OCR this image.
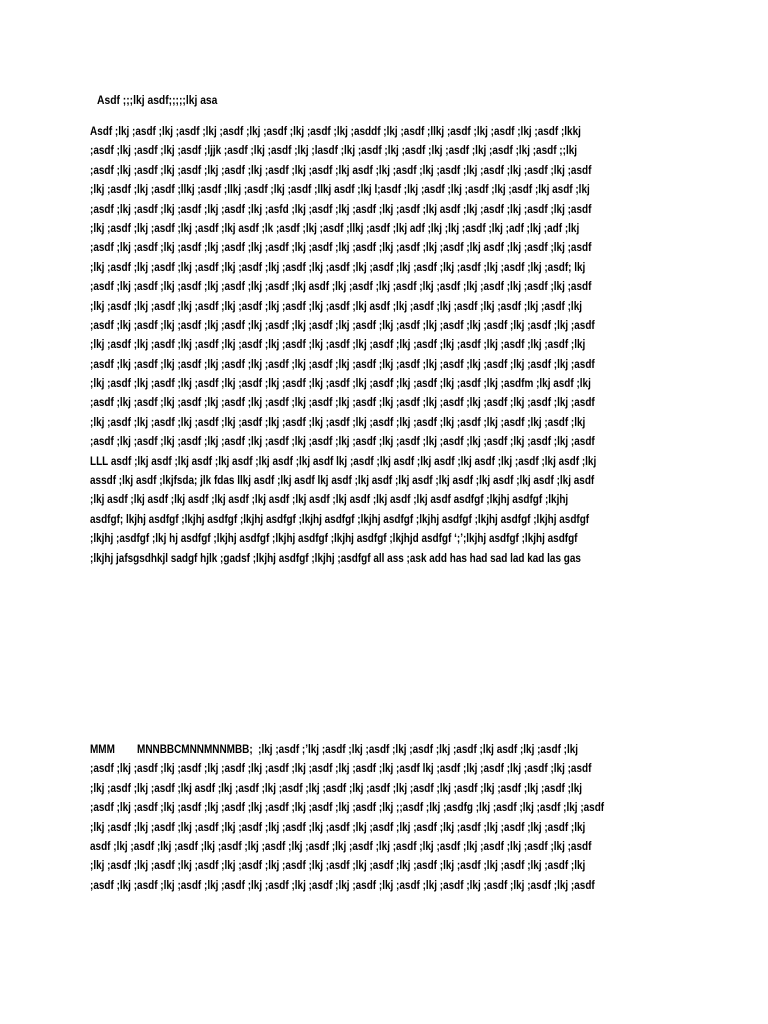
Asdf ;;;lkj asdf;;;;;lkj asa
Asdf ;lkj ;asdf ;lkj ;asdf ;lkj ;asdf ;lkj ;asdf ;lkj ;asdf ;lkj ;asddf ;lkj ;asdf ;llkj ;asdf ;lkj ;asdf ;lkj ;asdf ;lkkj
;asdf ;lkj ;asdf ;lkj ;asdf ;ljjk ;asdf ;lkj ;asdf ;lkj ;lasdf ;lkj ;asdf ;lkj ;asdf ;lkj ;asdf ;lkj ;asdf ;lkj ;asdf ;;lkj
;asdf ;lkj ;asdf ;lkj ;asdf ;lkj ;asdf ;lkj ;asdf ;lkj ;asdf ;lkj asdf ;lkj ;asdf ;lkj ;asdf ;lkj ;asdf ;lkj ;asdf ;lkj ;asdf
;lkj ;asdf ;lkj ;asdf ;llkj ;asdf ;llkj ;asdf ;lkj ;asdf ;llkj asdf ;lkj l;asdf ;lkj ;asdf ;lkj ;asdf ;lkj ;asdf ;lkj asdf ;lkj
;asdf ;lkj ;asdf ;lkj ;asdf ;lkj ;asdf ;lkj ;asfd ;lkj ;asdf ;lkj ;asdf ;lkj ;asdf ;lkj asdf ;lkj ;asdf ;lkj ;asdf ;lkj ;asdf
;lkj ;asdf ;lkj ;asdf ;lkj ;asdf ;lkj asdf ;lk ;asdf ;lkj ;asdf ;llkj ;asdf ;lkj adf ;lkj ;lkj ;asdf ;lkj ;adf ;lkj ;adf ;lkj
;asdf ;lkj ;asdf ;lkj ;asdf ;lkj ;asdf ;lkj ;asdf ;lkj ;asdf ;lkj ;asdf ;lkj ;asdf ;lkj ;asdf ;lkj asdf ;lkj ;asdf ;lkj ;asdf
;lkj ;asdf ;lkj ;asdf ;lkj ;asdf ;lkj ;asdf ;lkj ;asdf ;lkj ;asdf ;lkj ;asdf ;lkj ;asdf ;lkj ;asdf ;lkj ;asdf ;lkj ;asdf; lkj
;asdf ;lkj ;asdf ;lkj ;asdf ;lkj ;asdf ;lkj ;asdf ;lkj asdf ;lkj ;asdf ;lkj ;asdf ;lkj ;asdf ;lkj ;asdf ;lkj ;asdf ;lkj ;asdf
;lkj ;asdf ;lkj ;asdf ;lkj ;asdf ;lkj ;asdf ;lkj ;asdf ;lkj ;asdf ;lkj asdf ;lkj ;asdf ;lkj ;asdf ;lkj ;asdf ;lkj ;asdf ;lkj
;asdf ;lkj ;asdf ;lkj ;asdf ;lkj ;asdf ;lkj ;asdf ;lkj ;asdf ;lkj ;asdf ;lkj ;asdf ;lkj ;asdf ;lkj ;asdf ;lkj ;asdf ;lkj ;asdf
;lkj ;asdf ;lkj ;asdf ;lkj ;asdf ;lkj ;asdf ;lkj ;asdf ;lkj ;asdf ;lkj ;asdf ;lkj ;asdf ;lkj ;asdf ;lkj ;asdf ;lkj ;asdf ;lkj
;asdf ;lkj ;asdf ;lkj ;asdf ;lkj ;asdf ;lkj ;asdf ;lkj ;asdf ;lkj ;asdf ;lkj ;asdf ;lkj ;asdf ;lkj ;asdf ;lkj ;asdf ;lkj ;asdf
;lkj ;asdf ;lkj ;asdf ;lkj ;asdf ;lkj ;asdf ;lkj ;asdf ;lkj ;asdf ;lkj ;asdf ;lkj ;asdf ;lkj ;asdf ;lkj ;asdfm ;lkj asdf ;lkj
;asdf ;lkj ;asdf ;lkj ;asdf ;lkj ;asdf ;lkj ;asdf ;lkj ;asdf ;lkj ;asdf ;lkj ;asdf ;lkj ;asdf ;lkj ;asdf ;lkj ;asdf ;lkj ;asdf
;lkj ;asdf ;lkj ;asdf ;lkj ;asdf ;lkj ;asdf ;lkj ;asdf ;lkj ;asdf ;lkj ;asdf ;lkj ;asdf ;lkj ;asdf ;lkj ;asdf ;lkj ;asdf ;lkj
;asdf ;lkj ;asdf ;lkj ;asdf ;lkj ;asdf ;lkj ;asdf ;lkj ;asdf ;lkj ;asdf ;lkj ;asdf ;lkj ;asdf ;lkj ;asdf ;lkj ;asdf ;lkj ;asdf
LLL asdf ;lkj asdf ;lkj asdf ;lkj asdf ;lkj asdf ;lkj asdf lkj ;asdf ;lkj asdf ;lkj asdf ;lkj asdf ;lkj ;asdf ;lkj asdf ;lkj
assdf ;lkj asdf ;lkjfsda; jlk fdas llkj asdf ;lkj asdf lkj asdf ;lkj asdf ;lkj asdf ;lkj asdf ;lkj asdf ;lkj asdf ;lkj asdf
;lkj asdf ;lkj asdf ;lkj asdf ;lkj asdf ;lkj asdf ;lkj asdf ;lkj asdf ;lkj asdf ;lkj asdf asdfgf ;lkjhj asdfgf ;lkjhj
asdfgf; lkjhj asdfgf ;lkjhj asdfgf ;lkjhj asdfgf ;lkjhj asdfgf ;lkjhj asdfgf ;lkjhj asdfgf ;lkjhj asdfgf ;lkjhj asdfgf
;lkjhj ;asdfgf ;lkj hj asdfgf ;lkjhj asdfgf ;lkjhj asdfgf ;lkjhj asdfgf ;lkjhjd asdfgf ‘;’;lkjhj asdfgf ;lkjhj asdfgf
;lkjhj jafsgsdhkjl sadgf hjlk ;gadsf ;lkjhj asdfgf ;lkjhj ;asdfgf all ass ;ask add has had sad lad kad las gas
MMM        MNNBBCMNNMNNMBB;  ;lkj ;asdf ;’lkj ;asdf ;lkj ;asdf ;lkj ;asdf ;lkj ;asdf ;lkj asdf ;lkj ;asdf ;lkj
;asdf ;lkj ;asdf ;lkj ;asdf ;lkj ;asdf ;lkj ;asdf ;lkj ;asdf ;lkj ;asdf ;lkj ;asdf lkj ;asdf ;lkj ;asdf ;lkj ;asdf ;lkj ;asdf
;lkj ;asdf ;lkj ;asdf ;lkj asdf ;lkj ;asdf ;lkj ;asdf ;lkj ;asdf ;lkj ;asdf ;lkj ;asdf ;lkj ;asdf ;lkj ;asdf ;lkj ;asdf ;lkj
;asdf ;lkj ;asdf ;lkj ;asdf ;lkj ;asdf ;lkj ;asdf ;lkj ;asdf ;lkj ;asdf ;lkj ;;asdf ;lkj ;asdfg ;lkj ;asdf ;lkj ;asdf ;lkj ;asdf
;lkj ;asdf ;lkj ;asdf ;lkj ;asdf ;lkj ;asdf ;lkj ;asdf ;lkj ;asdf ;lkj ;asdf ;lkj ;asdf ;lkj ;asdf ;lkj ;asdf ;lkj ;asdf ;lkj
asdf ;lkj ;asdf ;lkj ;asdf ;lkj ;asdf ;lkj ;asdf ;lkj ;asdf ;lkj ;asdf ;lkj ;asdf ;lkj ;asdf ;lkj ;asdf ;lkj ;asdf ;lkj ;asdf
;lkj ;asdf ;lkj ;asdf ;lkj ;asdf ;lkj ;asdf ;lkj ;asdf ;lkj ;asdf ;lkj ;asdf ;lkj ;asdf ;lkj ;asdf ;lkj ;asdf ;lkj ;asdf ;lkj
;asdf ;lkj ;asdf ;lkj ;asdf ;lkj ;asdf ;lkj ;asdf ;lkj ;asdf ;lkj ;asdf ;lkj ;asdf ;lkj ;asdf ;lkj ;asdf ;lkj ;asdf ;lkj ;asdf
